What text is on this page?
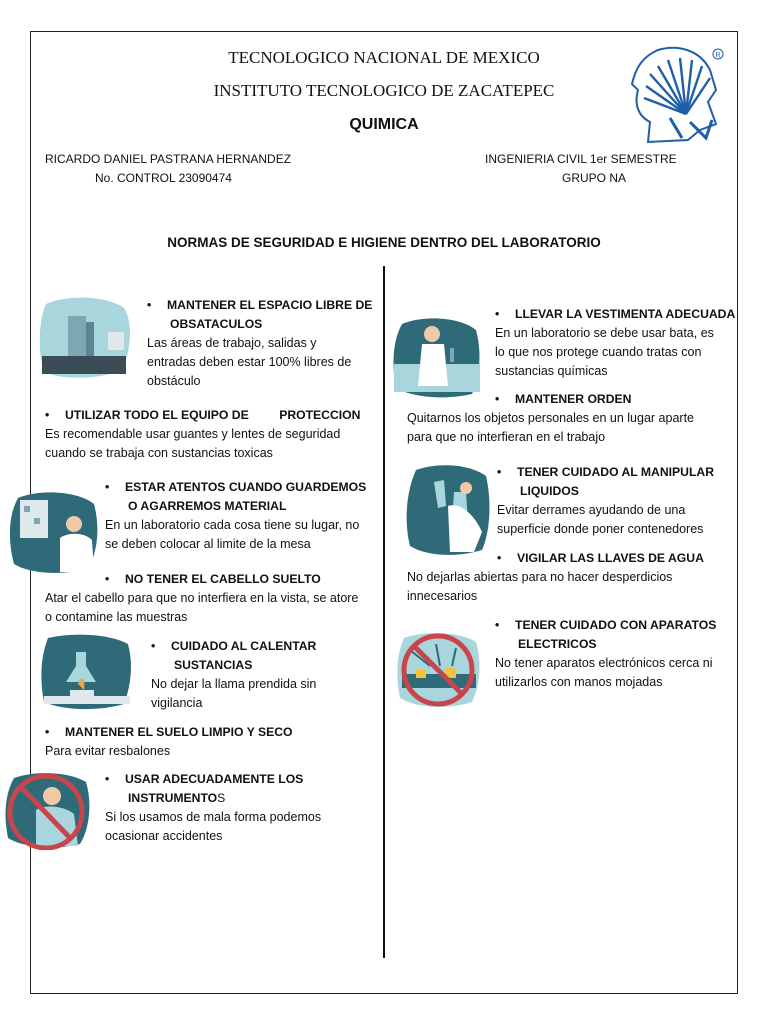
TECNOLOGICO NACIONAL DE MEXICO
INSTITUTO TECNOLOGICO DE ZACATEPEC
QUIMICA
R
RICARDO DANIEL PASTRANA HERNANDEZ
No. CONTROL 23090474
INGENIERIA CIVIL 1er SEMESTRE
GRUPO NA
NORMAS DE SEGURIDAD E HIGIENE DENTRO DEL LABORATORIO
• MANTENER EL ESPACIO LIBRE DE
OBSATACULOS
Las áreas de trabajo, salidas y
entradas deben estar 100% libres de
obstáculo
• UTILIZAR TODO EL EQUIPO DE         PROTECCION
Es recomendable usar guantes y lentes de seguridad
cuando se trabaja con sustancias toxicas
• ESTAR ATENTOS CUANDO GUARDEMOS
O AGARREMOS MATERIAL
En un laboratorio cada cosa tiene su lugar, no
se deben colocar al limite de la mesa
• NO TENER EL CABELLO SUELTO
Atar el cabello para que no interfiera en la vista, se atore
o contamine las muestras
• CUIDADO AL CALENTAR
SUSTANCIAS
No dejar la llama prendida sin
vigilancia
• MANTENER EL SUELO LIMPIO Y SECO
Para evitar resbalones
• USAR ADECUADAMENTE LOS
INSTRUMENTOS
Si los usamos de mala forma podemos
ocasionar accidentes
• LLEVAR LA VESTIMENTA ADECUADA
En un laboratorio se debe usar bata, es
lo que nos protege cuando tratas con
sustancias químicas
• MANTENER ORDEN
Quitarnos los objetos personales en un lugar aparte
para que no interfieran en el trabajo
• TENER CUIDADO AL MANIPULAR
LIQUIDOS
Evitar derrames ayudando de una
superficie donde poner contenedores
• VIGILAR LAS LLAVES DE AGUA
No dejarlas abiertas para no hacer desperdicios
innecesarios
• TENER CUIDADO CON APARATOS
ELECTRICOS
No tener aparatos electrónicos cerca ni
utilizarlos con manos mojadas
